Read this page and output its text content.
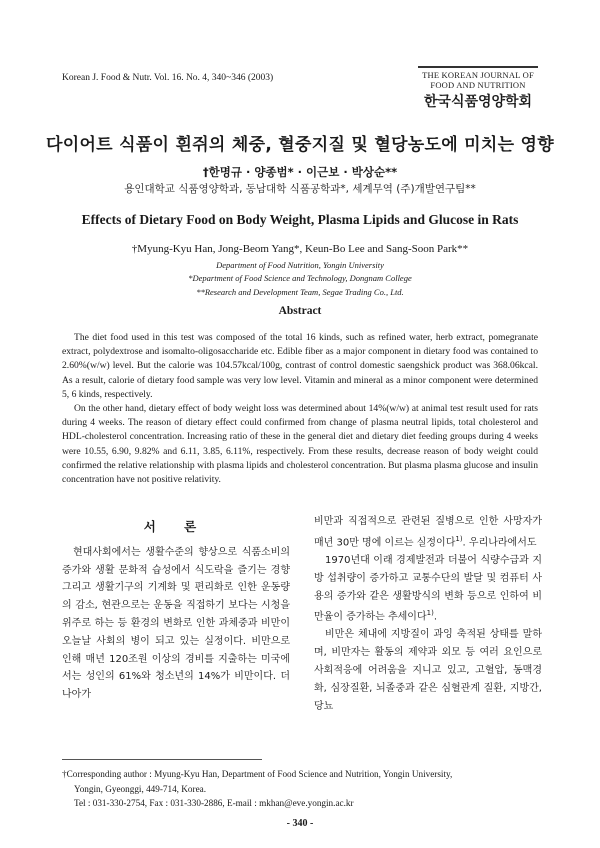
Korean J. Food & Nutr. Vol. 16. No. 4, 340~346 (2003)	THE KOREAN JOURNAL OF
FOOD AND NUTRITION
한국식품영양학회
다이어트 식품이 흰쥐의 체중, 혈중지질 및 혈당농도에 미치는 영향
†한명규 · 양종범* · 이근보 · 박상순**
용인대학교 식품영양학과, 동남대학 식품공학과*, 세계무역 (주)개발연구팀**
Effects of Dietary Food on Body Weight, Plasma Lipids and Glucose in Rats
†Myung-Kyu Han, Jong-Beom Yang*, Keun-Bo Lee and Sang-Soon Park**
Department of Food Nutrition, Yongin University
*Department of Food Science and Technology, Dongnam College
**Research and Development Team, Segae Trading Co., Ltd.
Abstract

The diet food used in this test was composed of the total 16 kinds, such as refined water, herb extract, pomegranate extract, polydextrose and isomalto-oligosaccharide etc. Edible fiber as a major component in dietary food was contained to 2.60%(w/w) level. But the calorie was 104.57kcal/100g, contrast of control domestic saengshick product was 368.06kcal. As a result, calorie of dietary food sample was very low level. Vitamin and mineral as a minor component were determined 5, 6 kinds, respectively.

On the other hand, dietary effect of body weight loss was determined about 14%(w/w) at animal test result used for rats during 4 weeks. The reason of dietary effect could confirmed from change of plasma neutral lipids, total cholesterol and HDL-cholesterol concentration. Increasing ratio of these in the general diet and dietary diet feeding groups during 4 weeks were 10.55, 6.90, 9.82% and 6.11, 3.85, 6.11%, respectively. From these results, decrease reason of body weight could confirmed the relative relationship with plasma lipids and cholesterol concentration. But plasma plasma glucose and insulin concentration have not positive relativity.

서 론

현대사회에서는 생활수준의 향상으로 식품소비의 증가와 생활 문화적 습성에서 식도락을 즐기는 경향 그리고 생활기구의 기계화 및 편리화로 인한 운동량의 감소, 현관으로는 운동을 직접하기 보다는 시청을 위주로 하는 등 환경의 변화로 인한 과체중과 비만이 오늘날 사회의 병이 되고 있는 실정이다. 비만으로 인해 매년 120조원 이상의 경비를 지출하는 미국에서는 성인의 61%와 청소년의 14%가 비만이다. 더 나아가

비만과 직접적으로 관련된 질병으로 인한 사망자가 매년 30만 명에 이르는 실정이다$^{1)}$. 우리나라에서도

1970년대 이래 경제발전과 더불어 식량수급과 지방 섭취량이 증가하고 교통수단의 발달 및 컴퓨터 사용의 증가와 같은 생활방식의 변화 등으로 인하여 비만율이 증가하는 추세이다$^{1)}$.

비만은 체내에 지방질이 과잉 축적된 상태를 말하며, 비만자는 활동의 제약과 외모 등 여러 요인으로 사회적응에 어려움을 지니고 있고, 고혈압, 동맥경화, 심장질환, 뇌졸중과 같은 심혈관계 질환, 지방간, 당뇨

†Corresponding author : Myung-Kyu Han, Department of Food Science and Nutrition, Yongin University,
Yongin, Gyeonggi, 449-714, Korea.
Tel : 031-330-2754, Fax : 031-330-2886, E-mail : mkhan@eve.yongin.ac.kr
- 340 -
